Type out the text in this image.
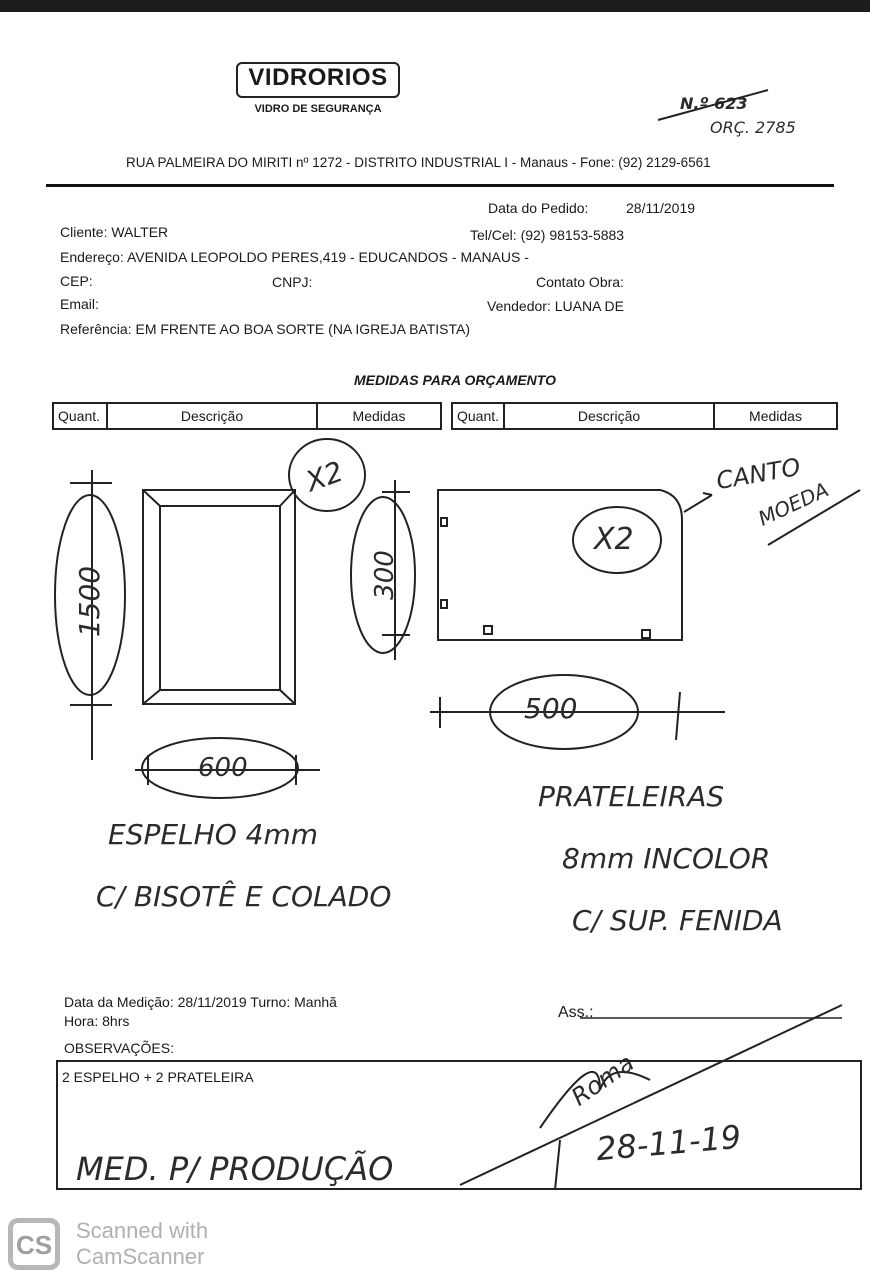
VIDRORIOS
VIDRO DE SEGURANÇA	N.º 623
ORÇ. 2785
RUA PALMEIRA DO MIRITI nº 1272 - DISTRITO INDUSTRIAL I - Manaus - Fone: (92) 2129-6561
Data do Pedido:	28/11/2019
Cliente: WALTER	Tel/Cel: (92) 98153-5883
Endereço: AVENIDA LEOPOLDO PERES,419 - EDUCANDOS - MANAUS -
CEP:	CNPJ:	Contato Obra:
Email:	Vendedor: LUANA DE
Referência: EM FRENTE AO BOA SORTE (NA IGREJA BATISTA)
MEDIDAS PARA ORÇAMENTO
Quant.	Descrição	Medidas	Quant.	Descrição	Medidas
X2
1500	300
600
ESPELHO 4mm
C/ BISOTÊ E COLADO
X2
CANTO
MOEDA
500
PRATELEIRAS
8mm INCOLOR
C/ SUP. FENIDA
Data da Medição: 28/11/2019 Turno: Manhã
Hora: 8hrs	Ass.:
Roma
OBSERVAÇÕES:
2 ESPELHO + 2 PRATELEIRA
MED. P/ PRODUÇÃO
28-11-19
CS	Scanned with
CamScanner
